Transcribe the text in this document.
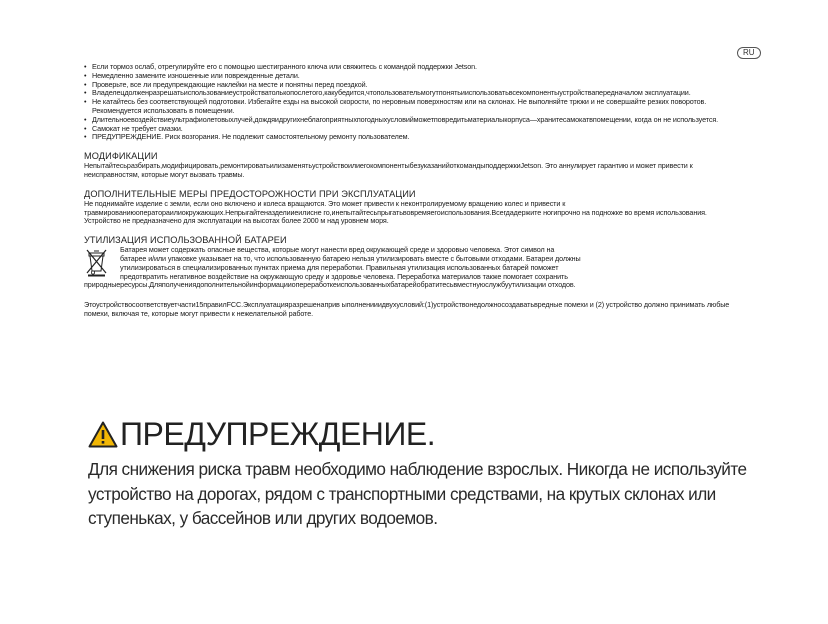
RU
• Если тормоз ослаб, отрегулируйте его с помощью шестигранного ключа или свяжитесь с командой поддержки Jetson.
• Немедленно замените изношенные или поврежденные детали.
• Проверьте, все ли предупреждающие наклейки на месте и понятны перед поездкой.
• Владелецдолженразрешатьиспользованиеустройстватолькопослетого,какубедится,чтопользовательмогутпонятьииспользоватьвсекомпонентыустройствапередначалом эксплуатации.
• Не катайтесь без соответствующей подготовки. Избегайте езды на высокой скорости, по неровным поверхностям или на склонах. Не выполняйте трюки и не совершайте резких поворотов.
Рекомендуется использовать в помещении.
• Длительноевоздействиеультрафиолетовыхлучей,дождяидругихнеблагоприятныхпогодныхусловийможетповредитьматериалыкорпуса—хранитесамокатвпомещении, когда он не используется.
• Самокат не требует смазки.
• ПРЕДУПРЕЖДЕНИЕ. Риск возгорания. Не подлежит самостоятельному ремонту пользователем.
МОДИФИКАЦИИ
Непытайтесьразбирать,модифицировать,ремонтироватьилизаменятьустройствоилиегокомпонентыбезуказанийоткомандыподдержкиJetson. Это аннулирует гарантию и может привести к неисправностям, которые могут вызвать травмы.
ДОПОЛНИТЕЛЬНЫЕ МЕРЫ ПРЕДОСТОРОЖНОСТИ ПРИ ЭКСПЛУАТАЦИИ

Не поднимайте изделие с земли, если оно включено и колеса вращаются. Это может привести к неконтролируемому вращению колес и привести к травмированиюоператораилиокружающих.Непрыгайтеназделииеилисне го,инепытайтесьпрыгатьвовремяегоиспользования.Всегдадержите ногипрочно на подножке во время использования.

Устройство не предназначено для эксплуатации на высотах более 2000 м над уровнем моря.

УТИЛИЗАЦИЯ ИСПОЛЬЗОВАННОЙ БАТАРЕИ

Батарея может содержать опасные вещества, которые могут нанести вред окружающей среде и здоровью человека. Этот символ на

батарее и/или упаковке указывает на то, что использованную батарею нельзя утилизировать вместе с бытовыми отходами. Батареи должны

утилизироваться в специализированных пунктах приема для переработки. Правильная утилизация использованных батарей поможет

предотвратить негативное воздействие на окружающую среду и здоровье человека. Переработка материалов также помогает сохранить

природныересурсы.Дляполучениядополнительнойинформацииопереработкеиспользованныхбатарейобратитесьвместнуюслужбуутилизации отходов.

Этоустройствосоответствуетчасти15правилFCC.Эксплуатацияразрешенаприв ыполненииидвухусловий:(1)устройствонедолжносоздаватьвредные помехи и (2) устройство должно принимать любые помехи, включая те, которые могут привести к нежелательной работе.
ПРЕДУПРЕЖДЕНИЕ.
Для снижения риска травм необходимо наблюдение взрослых. Никогда не используйте устройство на дорогах, рядом с транспортными средствами, на крутых склонах или ступеньках, у бассейнов или других водоемов.
